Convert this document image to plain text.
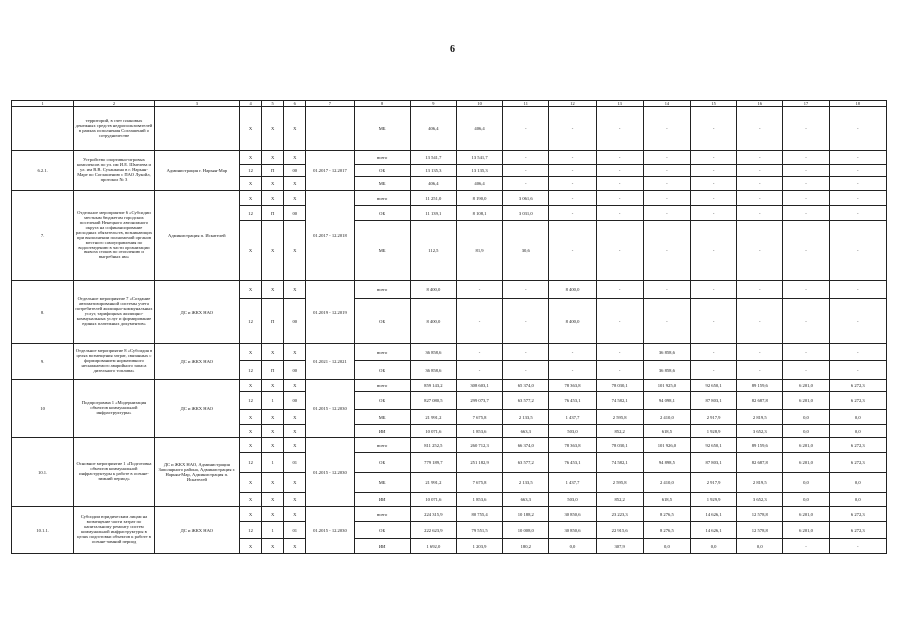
6
1	2	3	4	5	6	7	8	9	10	11	12	13	14	15	16	17	18
	территорий, в счет плановых денежных средств недропользователей в рамках исполнения Соглашений о сотрудничестве		X	X	X		МБ	406,4	406,4	-	-	-	-	-	-	-	-
6.2.1.	Устройство спортивно-игровых комплексов по ул. им И.Е. Шмелева и ул. им В.В. Суханкина в г. Нарьян-Маре по Соглашению с ПАО Лукойл, протокол № 3	Администрация г. Нарьян-Мар	X	X	X	01.2017 - 12.2017	всего	13 541,7	13 541,7	-	-	-	-	-	-	-	-
			12	П	00		ОБ	13 135,3	13 135,3	-	-	-	-	-	-	-	-
			X	X	X		МБ	406,4	406,4	-	-	-	-	-	-	-	-
7.	Отдельное мероприятие 6 «Субсидии местным бюджетам городских поселений Ненецкого автономного округа на софинансирование расходных обязательств, возникающих при выполнении полномочий органов местного самоуправления по водоотведению в части организации вывоза стоков по отоплению и выгребных ям»	Администрация п. Искателей	X	X	X	01.2017 - 12.2018	всего	11 251,0	8 190,0	3 061,6	-	-	-	-	-	-	-
			12	П	00		ОБ	11 139,1	8 108,1	3 031,0	-	-	-	-	-	-	-
			X	X	X		МБ	112,5	81,9	30,6	-	-	-	-	-	-	-
8.	Отдельное мероприятие 7 «Создание автоматизированной системы учета потребителей жилищно-коммунальных услуг, тарифицных жилищно-коммунальных услуг и формирование единых платежных документов»	ДС и ЖКХ НАО	X	X	X	01.2019 - 12.2019	всего	8 400,0	-	-	8 400,0	-	-	-	-	-	-
			12	П	00		ОБ	8 400,0	-	-	8 400,0	-	-	-	-	-	-
9.	Отдельное мероприятие 8 «Субсидия в целях возмещения затрат, связанных с формированием нормативного неснижаемого аварийного запаса дизельного топлива»	ДС и ЖКХ НАО	X	X	X	01.2021 - 12.2021	всего	36 858,6	-	-	-	-	36 858,6	-	-	-	-
			12	П	00		ОБ	36 858,6	-	-	-	-	36 858,6	-	-	-	-
10	Подпрограмма 1 «Модернизация объектов коммунальной инфраструктуры»	ДС и ЖКХ НАО	X	X	X	01.2015 - 12.2030	всего	859 143,2	308 603,1	65 374,0	78 363,8	78 030,1	101 925,0	92 650,1	89 159,6	6 201,0	6 272,3
			12	1	00		ОБ	827 080,5	299 073,7	63 577,2	76 453,1	74 582,1	94 098,1	87 803,1	82 687,8	6 201,0	6 272,3
			X	X	X		МБ	21 991,2	7 675,8	2 133,5	1 437,7	2 595,8	2 410,0	2 917,9	2 819,5	0,0	0,0
			X	X	X		ИИ	10 071,6	1 853,6	663,3	503,0	852,2	618,5	1 928,9	3 652,3	0,0	0,0
10.1.	Основное мероприятие 1 «Подготовка объектов коммунальной инфраструктуры к работе в осенне-зимний период»	ДС и ЖКХ НАО, Администрация Заполярного района, Администрация г. Нарьян-Мар, Администрация п. Искателей	X	X	X	01.2015 - 12.2030	всего	811 252,5	260 712,3	66 374,0	78 363,8	78 030,1	101 926,0	92 650,1	89 159,6	6 201,0	6 272,3
			12	1	01		ОБ	779 189,7	251 182,9	63 577,2	76 453,1	74 582,1	94 898,5	87 803,1	82 687,8	6 201,0	6 272,3
			X	X	X		МБ	21 991,2	7 675,8	2 133,5	1 437,7	2 595,8	2 410,0	2 917,9	2 819,5	0,0	0,0
			X	X	X		ИИ	10 071,6	1 853,6	663,3	503,0	852,2	618,5	1 929,9	3 652,3	0,0	0,0
10.1.1.	Субсидии юридическим лицам на возмещение части затрат по капитальному ремонту систем коммунальной инфраструктуры в целях подготовки объектов к работе в осенне-зимний период	ДС и ЖКХ НАО	X	X	X	01.2015 - 12.2030	всего	224 315,9	80 755,4	10 188,2	30 850,6	23 223,3	8 276,5	14 626,1	12 578,8	6 201,0	6 272,3
			12	1	01		ОБ	222 623,9	79 551,5	10 008,0	30 850,6	22 915,6	8 276,5	14 626,1	12 578,8	6 201,0	6 272,3
			X	X	X		ИИ	1 692,0	1 203,9	180,2	0,0	307,9	0,0	0,0	0,0	-	-
